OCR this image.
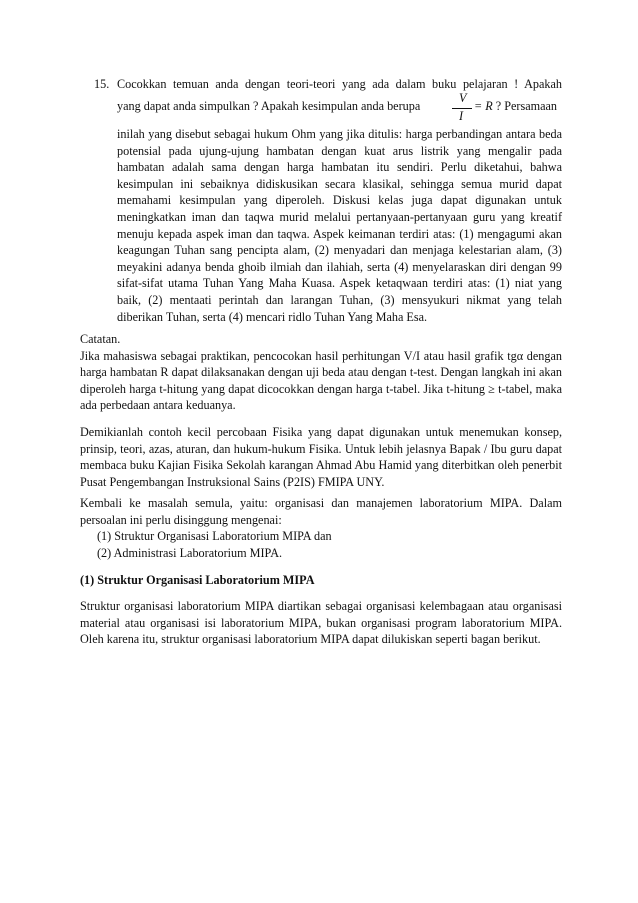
15. Cocokkan temuan anda dengan teori-teori yang ada dalam buku pelajaran ! Apakah
yang dapat anda simpulkan ? Apakah kesimpulan anda berupa
V
I
= R ? Persamaan

inilah yang disebut sebagai hukum Ohm yang jika ditulis: harga perbandingan antara beda potensial pada ujung-ujung hambatan dengan kuat arus listrik yang mengalir pada hambatan adalah sama dengan harga hambatan itu sendiri. Perlu diketahui, bahwa kesimpulan ini sebaiknya didiskusikan secara klasikal, sehingga semua murid dapat memahami kesimpulan yang diperoleh. Diskusi kelas juga dapat digunakan untuk meningkatkan iman dan taqwa murid melalui pertanyaan-pertanyaan guru yang kreatif menuju kepada aspek iman dan taqwa. Aspek keimanan terdiri atas: (1) mengagumi akan keagungan Tuhan sang pencipta alam, (2) menyadari dan menjaga kelestarian alam, (3) meyakini adanya benda ghoib ilmiah dan ilahiah, serta (4) menyelaraskan diri dengan 99 sifat-sifat utama Tuhan Yang Maha Kuasa. Aspek ketaqwaan terdiri atas: (1) niat yang baik, (2) mentaati perintah dan larangan Tuhan, (3) mensyukuri nikmat yang telah diberikan Tuhan, serta (4) mencari ridlo Tuhan Yang Maha Esa.

Catatan.

Jika mahasiswa sebagai praktikan, pencocokan hasil perhitungan V/I atau hasil grafik tgα dengan harga hambatan R dapat dilaksanakan dengan uji beda atau dengan t-test. Dengan langkah ini akan diperoleh harga t-hitung yang dapat dicocokkan dengan harga t-tabel. Jika t-hitung ≥ t-tabel, maka ada perbedaan antara keduanya.

Demikianlah contoh kecil percobaan Fisika yang dapat digunakan untuk menemukan konsep, prinsip, teori, azas, aturan, dan hukum-hukum Fisika. Untuk lebih jelasnya Bapak / Ibu guru dapat membaca buku Kajian Fisika Sekolah karangan Ahmad Abu Hamid yang diterbitkan oleh penerbit Pusat Pengembangan Instruksional Sains (P2IS) FMIPA UNY.

Kembali ke masalah semula, yaitu: organisasi dan manajemen laboratorium MIPA. Dalam persoalan ini perlu disinggung mengenai:

(1) Struktur Organisasi Laboratorium MIPA dan

(2) Administrasi Laboratorium MIPA.

(1) Struktur Organisasi Laboratorium MIPA

Struktur organisasi laboratorium MIPA diartikan sebagai organisasi kelembagaan atau organisasi material atau organisasi isi laboratorium MIPA, bukan organisasi program laboratorium MIPA. Oleh karena itu, struktur organisasi laboratorium MIPA dapat dilukiskan seperti bagan berikut.
